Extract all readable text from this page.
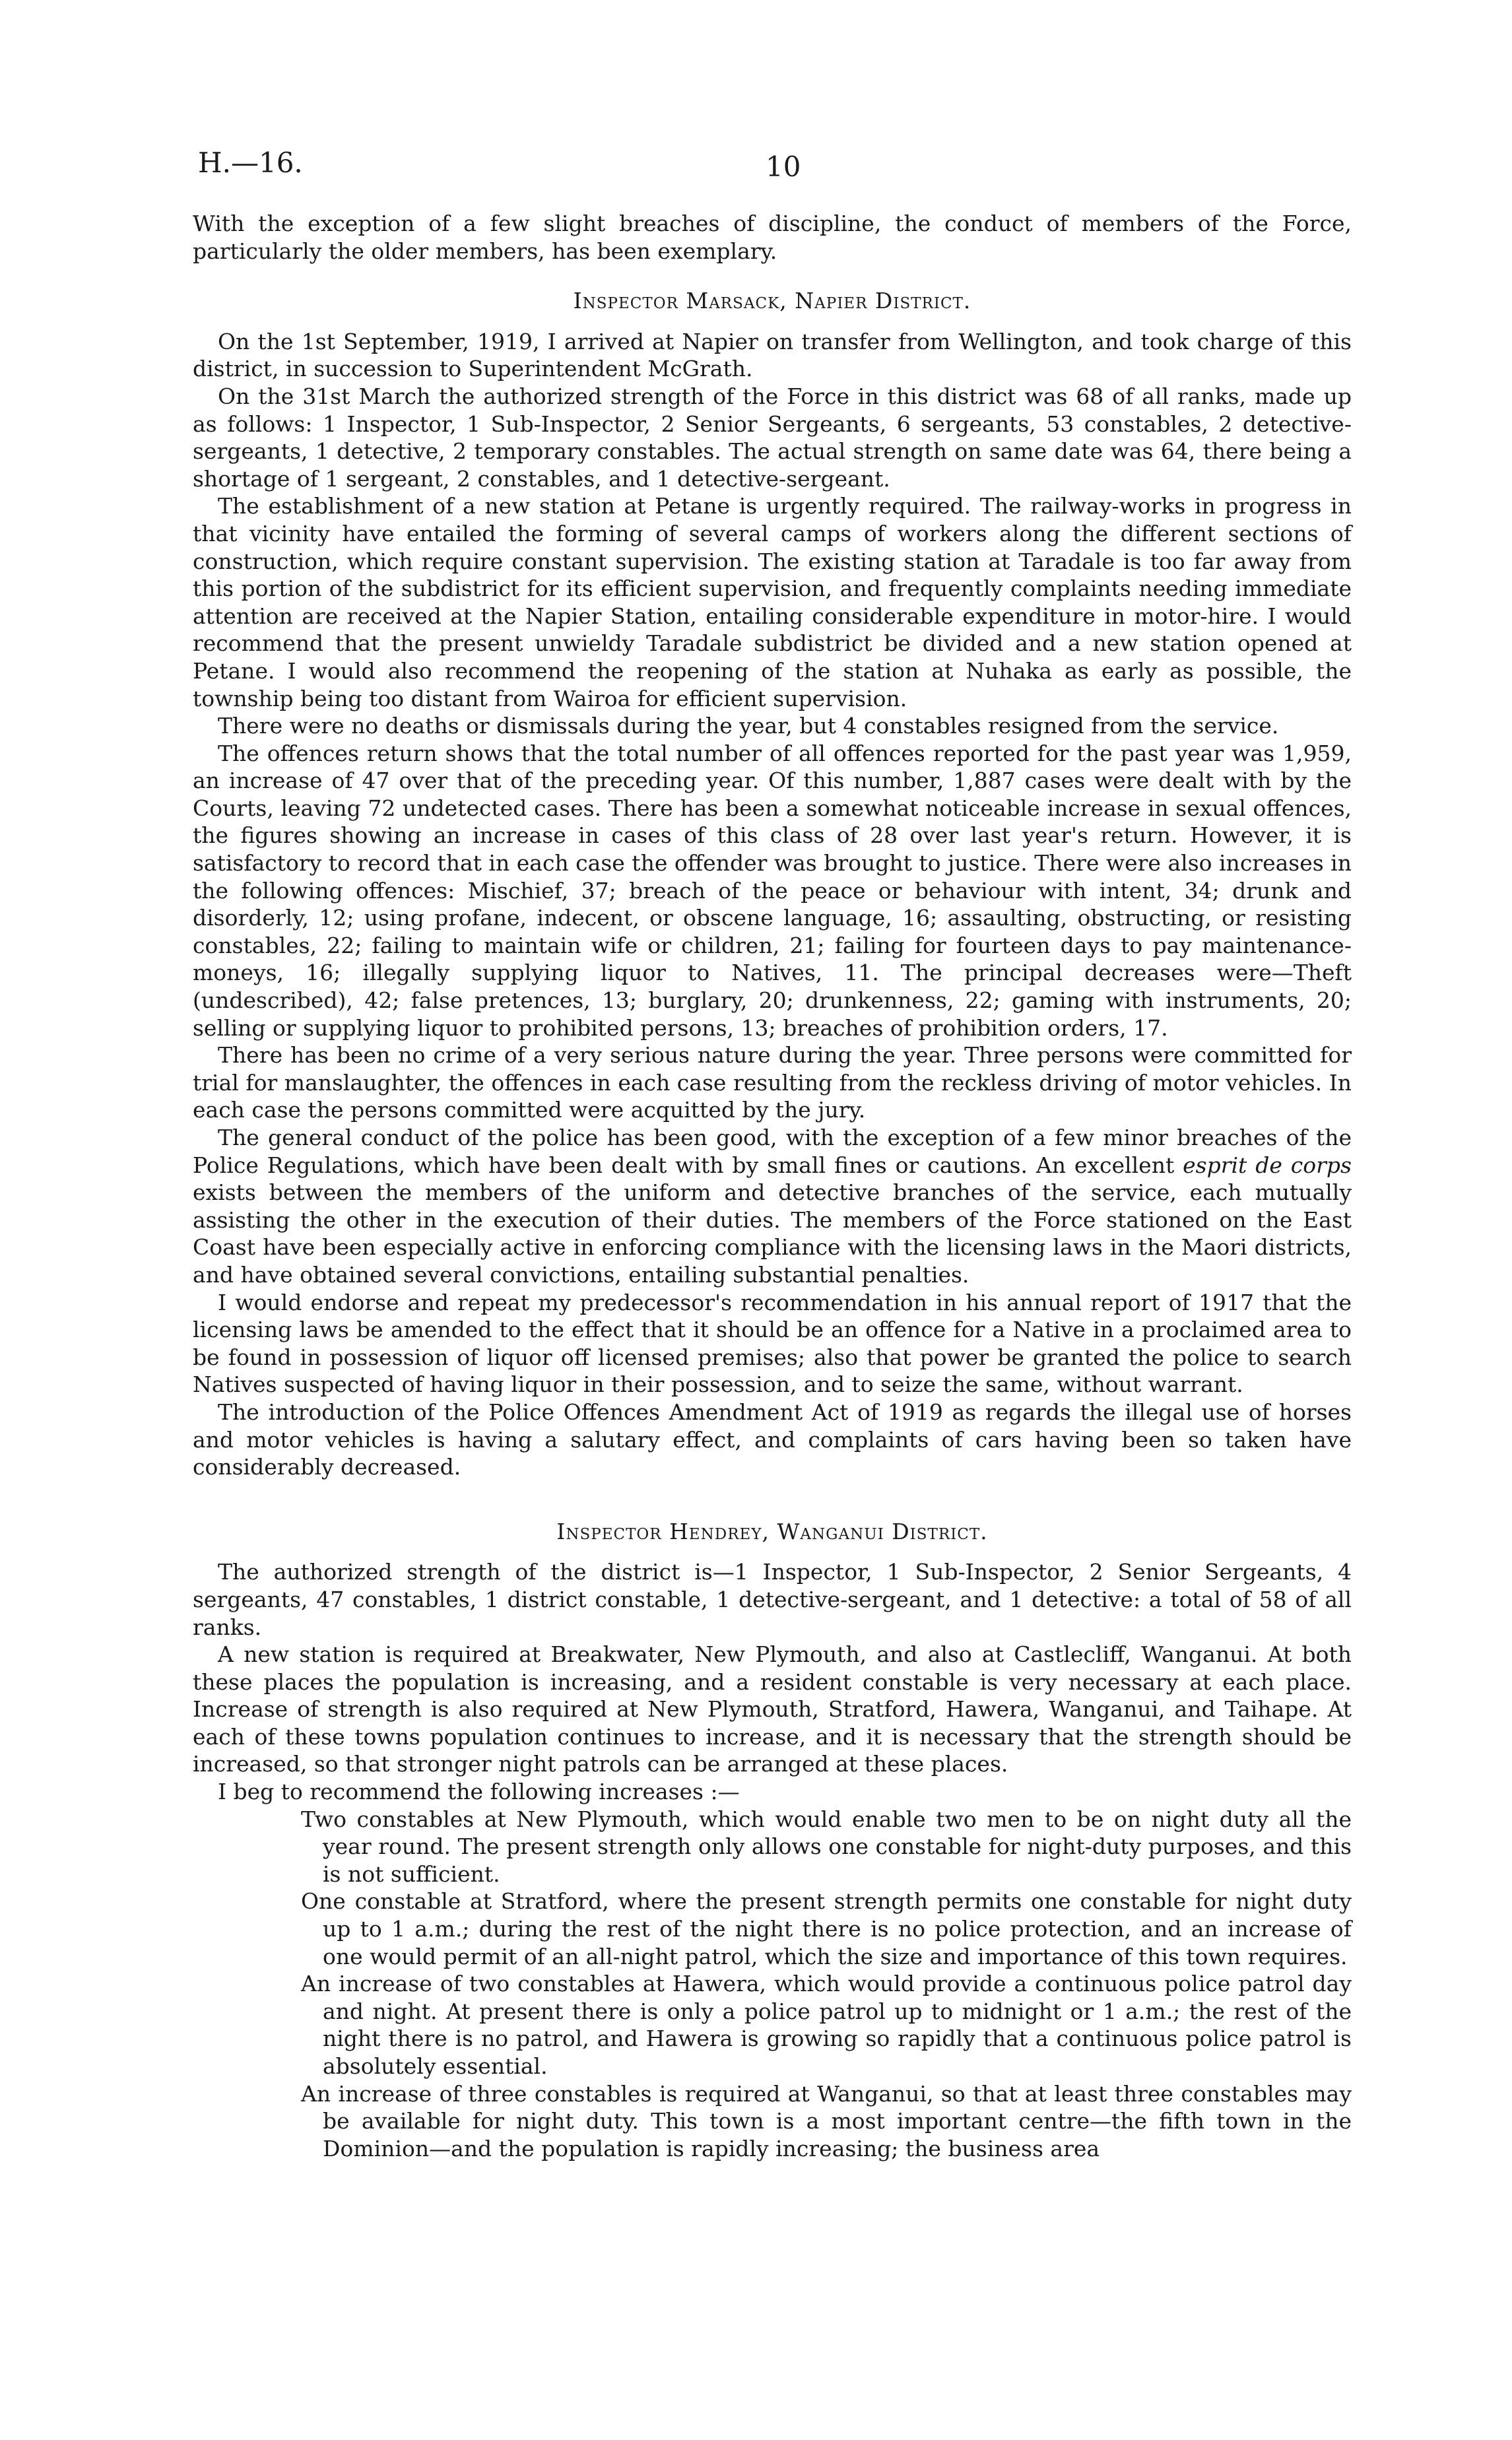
H.—16.	10

With the exception of a few slight breaches of discipline, the conduct of members of the Force, particularly the older members, has been exemplary.

Inspector Marsack, Napier District.

On the 1st September, 1919, I arrived at Napier on transfer from Wellington, and took charge of this district, in succession to Superintendent McGrath.

On the 31st March the authorized strength of the Force in this district was 68 of all ranks, made up as follows: 1 Inspector, 1 Sub-Inspector, 2 Senior Sergeants, 6 sergeants, 53 constables, 2 detective-sergeants, 1 detective, 2 temporary constables. The actual strength on same date was 64, there being a shortage of 1 sergeant, 2 constables, and 1 detective-sergeant.

The establishment of a new station at Petane is urgently required. The railway-works in progress in that vicinity have entailed the forming of several camps of workers along the different sections of construction, which require constant supervision. The existing station at Taradale is too far away from this portion of the subdistrict for its efficient supervision, and frequently complaints needing immediate attention are received at the Napier Station, entailing considerable expenditure in motor-hire. I would recommend that the present unwieldy Taradale subdistrict be divided and a new station opened at Petane. I would also recommend the reopening of the station at Nuhaka as early as possible, the township being too distant from Wairoa for efficient supervision.

There were no deaths or dismissals during the year, but 4 constables resigned from the service.

The offences return shows that the total number of all offences reported for the past year was 1,959, an increase of 47 over that of the preceding year. Of this number, 1,887 cases were dealt with by the Courts, leaving 72 undetected cases. There has been a somewhat noticeable increase in sexual offences, the figures showing an increase in cases of this class of 28 over last year's return. However, it is satisfactory to record that in each case the offender was brought to justice. There were also increases in the following offences: Mischief, 37; breach of the peace or behaviour with intent, 34; drunk and disorderly, 12; using profane, indecent, or obscene language, 16; assaulting, obstructing, or resisting constables, 22; failing to maintain wife or children, 21; failing for fourteen days to pay maintenance-moneys, 16; illegally supplying liquor to Natives, 11. The principal decreases were—Theft (undescribed), 42; false pretences, 13; burglary, 20; drunkenness, 22; gaming with instruments, 20; selling or supplying liquor to prohibited persons, 13; breaches of prohibition orders, 17.

There has been no crime of a very serious nature during the year. Three persons were committed for trial for manslaughter, the offences in each case resulting from the reckless driving of motor vehicles. In each case the persons committed were acquitted by the jury.

The general conduct of the police has been good, with the exception of a few minor breaches of the Police Regulations, which have been dealt with by small fines or cautions. An excellent esprit de corps exists between the members of the uniform and detective branches of the service, each mutually assisting the other in the execution of their duties. The members of the Force stationed on the East Coast have been especially active in enforcing compliance with the licensing laws in the Maori districts, and have obtained several convictions, entailing substantial penalties.

I would endorse and repeat my predecessor's recommendation in his annual report of 1917 that the licensing laws be amended to the effect that it should be an offence for a Native in a proclaimed area to be found in possession of liquor off licensed premises; also that power be granted the police to search Natives suspected of having liquor in their possession, and to seize the same, without warrant.

The introduction of the Police Offences Amendment Act of 1919 as regards the illegal use of horses and motor vehicles is having a salutary effect, and complaints of cars having been so taken have considerably decreased.

Inspector Hendrey, Wanganui District.

The authorized strength of the district is—1 Inspector, 1 Sub-Inspector, 2 Senior Sergeants, 4 sergeants, 47 constables, 1 district constable, 1 detective-sergeant, and 1 detective: a total of 58 of all ranks.

A new station is required at Breakwater, New Plymouth, and also at Castlecliff, Wanganui. At both these places the population is increasing, and a resident constable is very necessary at each place. Increase of strength is also required at New Plymouth, Stratford, Hawera, Wanganui, and Taihape. At each of these towns population continues to increase, and it is necessary that the strength should be increased, so that stronger night patrols can be arranged at these places.

I beg to recommend the following increases :—

Two constables at New Plymouth, which would enable two men to be on night duty all the year round. The present strength only allows one constable for night-duty purposes, and this is not sufficient.

One constable at Stratford, where the present strength permits one constable for night duty up to 1 a.m.; during the rest of the night there is no police protection, and an increase of one would permit of an all-night patrol, which the size and importance of this town requires.

An increase of two constables at Hawera, which would provide a continuous police patrol day and night. At present there is only a police patrol up to midnight or 1 a.m.; the rest of the night there is no patrol, and Hawera is growing so rapidly that a continuous police patrol is absolutely essential.

An increase of three constables is required at Wanganui, so that at least three constables may be available for night duty. This town is a most important centre—the fifth town in the Dominion—and the population is rapidly increasing; the business area
